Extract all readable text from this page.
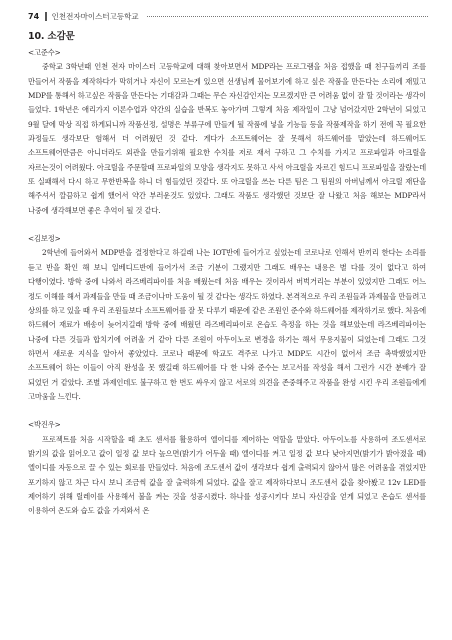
74 인천전자마이스터고등학교
10. 소감문

<고준수>

중학교 3학년때 인천 전자 마이스터 고등학교에 대해 찾아보면서 MDP라는 프로그램을 처음 접했을 때 친구들끼리 조를 만들어서 작품을 제작하다가 막히거나 자신이 모르는게 있으면 선생님께 물어보기에 하고 싶은 작품을 만든다는 소리에 재밌고 MDP를 통해서 하고싶은 작품을 만든다는 기대감과 그때는 무슨 자신감인지는 모르겠지만 큰 어려움 없이 잘 할 것이라는 생각이 들었다. 1학년은 애리가지 이론수업과 약간의 실습을 반복도 놓아가며 그렇게 처음 제작일이 그냥 넘어갔지만 2학년이 되었고 9월 달에 막상 직접 하게되니까 작품선정, 설명은 부류구에 만들게 될 작품에 넣을 기능들 등을 작품제작을 하기 전에 꼭 필요한 과정들도 생각보단 험해서 더 어려웠던 것 같다. 게다가 소프트웨어는 잘 못해서 하드웨어를 맡았는데 하드웨어도 소프트웨어만큼은 아니더라도 외관을 만들기위해 필요한 수치를 저로 재서 구하고 그 수치를 가지고 프로파일과 아크릴을 자르는것이 어려웠다. 아크릴을 주문할때 프로파일의 모양을 생각지도 못하고 사서 아크릴을 자르긴 힘드니 프로파일을 잘랐는데 또 실패해서 다시 하고 무한반복을 하니 더 힘들었던 것같다. 또 아크릴을 쓰는 다른 팀은 그 팀원의 아버님께서 아크릴 재단을 해주셔서 깔끔하고 쉽게 했어서 약간 부러운것도 있었다. 그래도 작품도 생각했던 것보단 잘 나왔고 처음 해보는 MDP라서 나중에 생각해보면 좋은 추억이 될 것 같다.

<김보정>

2학년에 들어와서 MDP반을 결정한다고 하길래 나는 IOT반에 들어가고 싶었는데 코로나로 인해서 반끼리 한다는 소리를 듣고 반을 확인 해 보니 일베디드반에 들어가서 조금 기분이 그랬지만 그래도 배우는 내용은 별 다를 것이 없다고 하여 다행이였다. 방학 중에 나와서 라즈베리파이를 처음 배웠는데 처음 배우는 것이라서 버벅거리는 부분이 있었지만 그래도 어느 정도 이해를 해서 과제들을 만들 때 조금이나마 도움이 될 것 같다는 생각도 하였다. 본격적으로 우리 조원들과 과제물을 만들려고 상의를 하고 있을 때 우리 조원들보다 소프트웨어를 잘 못 다루기 때문에 같은 조원인 준수와 하드웨어를 제작하기로 했다. 처음에 하드웨어 재료가 배송이 늦어지길래 방학 중에 배웠던 라즈베리파이로 온습도 측정을 하는 것을 해보았는데 라즈베리파이는 나중에 다른 것들과 합치기에 어려울 거 같아 다른 조원이 아두이노로 변경을 하기는 해서 무용지물이 되었는데 그래도 그것 하면서 새로운 지식을 알아서 좋았었다. 코로나 때문에 학교도 격주로 나가고 MDP도 시간이 없어서 조금 촉박했었지만 소프트웨어 하는 이들이 아직 완성을 못 했길래 하드웨어를 다 한 나와 준수는 보고서를 작성을 해서 그런가 시간 분배가 잘 되었던 거 같았다. 조별 과제인데도 불구하고 한 번도 싸우지 않고 서로의 의견을 존중해주고 작품을 완성 시킨 우리 조원들에게 고마움을 느낀다.

<박진우>

프로젝트를 처음 시작할을 때 초도 센서를 활용하여 엘이디를 제어하는 역할을 맡았다. 아두이노를 사용하여 조도센서로 밝기의 값을 읽어오고 값이 일정 값 보다 높으면(밝기가 어두울 때) 엘이디를 켜고 일정 값 보다 낮아지면(밝기가 밝아졌을 때) 엘이디를 자동으로 끌 수 있는 회로를 만들었다. 처음에 조도센서 값이 생각보다 쉽게 출력되지 않아서 많은 어려움을 겪었지만 포기하지 않고 차근 다시 보니 조금씩 값을 잘 출력하게 되었다. 값을 잘고 제작하다보니 조도센서 값을 찾아봤고 12v LED를 제어하기 위해 릴레이를 사용해서 불을 켜는 것을 성공시켰다. 하나를 성공시키다 보니 자신감을 얻게 되었고 온습도 센서를 이용하여 온도와 습도 값을 가져와서 온
